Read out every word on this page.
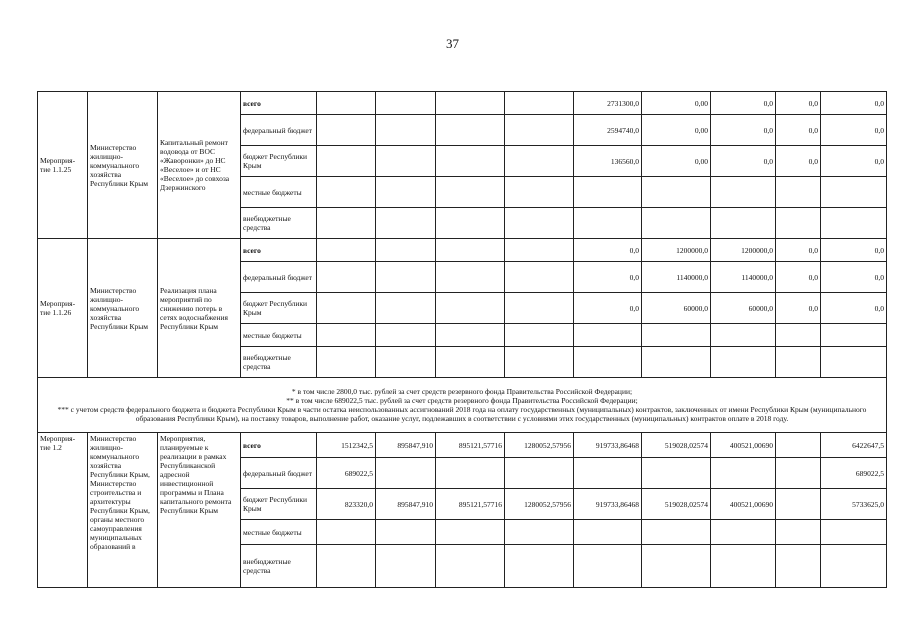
37
Мероприя-тие 1.1.25	Министерство жилищно-коммунального хозяйства Республики Крым	Капитальный ремонт водовода от ВОС «Жаворонки» до НС «Веселое» и от НС «Веселое» до совхоза Дзержинского	всего					2731300,0	0,00	0,0	0,0	0,0
			федеральный бюджет					2594740,0	0,00	0,0	0,0	0,0
			бюджет Республики Крым					136560,0	0,00	0,0	0,0	0,0
			местные бюджеты									
			внебюджетные средства									
Мероприя-тие 1.1.26	Министерство жилищно-коммунального хозяйства Республики Крым	Реализация плана мероприятий по снижению потерь в сетях водоснабжения Республики Крым	всего					0,0	1200000,0	1200000,0	0,0	0,0
			федеральный бюджет					0,0	1140000,0	1140000,0	0,0	0,0
			бюджет Республики Крым					0,0	60000,0	60000,0	0,0	0,0
			местные бюджеты									
			внебюджетные средства									

* в том числе 2800,0 тыс. рублей за счет средств резервного фонда Правительства Российской Федерации;
** в том числе 689022,5 тыс. рублей за счет средств резервного фонда Правительства Российской Федерации;
*** с учетом средств федерального бюджета и бюджета Республики Крым в части остатка неиспользованных ассигнований 2018 года на оплату государственных (муниципальных) контрактов, заключенных от имени Республики Крым (муниципального образования Республики Крым), на поставку товаров, выполнение работ, оказание услуг, подлежавших в соответствии с условиями этих государственных (муниципальных) контрактов оплате в 2018 году.												

Мероприя-тие 1.2	Министерство жилищно-коммунального хозяйства Республики Крым, Министерство строительства и архитектуры Республики Крым, органы местного самоуправления муниципальных образований в	Мероприятия, планируемые к реализации в рамках Республиканской адресной инвестиционной программы и Плана капитального ремонта Республики Крым	всего	1512342,5	895847,910	895121,57716	1280052,57956	919733,86468	519028,02574	400521,00690		6422647,5
			федеральный бюджет	689022,5								689022,5
			бюджет Республики Крым	823320,0	895847,910	895121,57716	1280052,57956	919733,86468	519028,02574	400521,00690		5733625,0
			местные бюджеты									
			внебюджетные средства									
